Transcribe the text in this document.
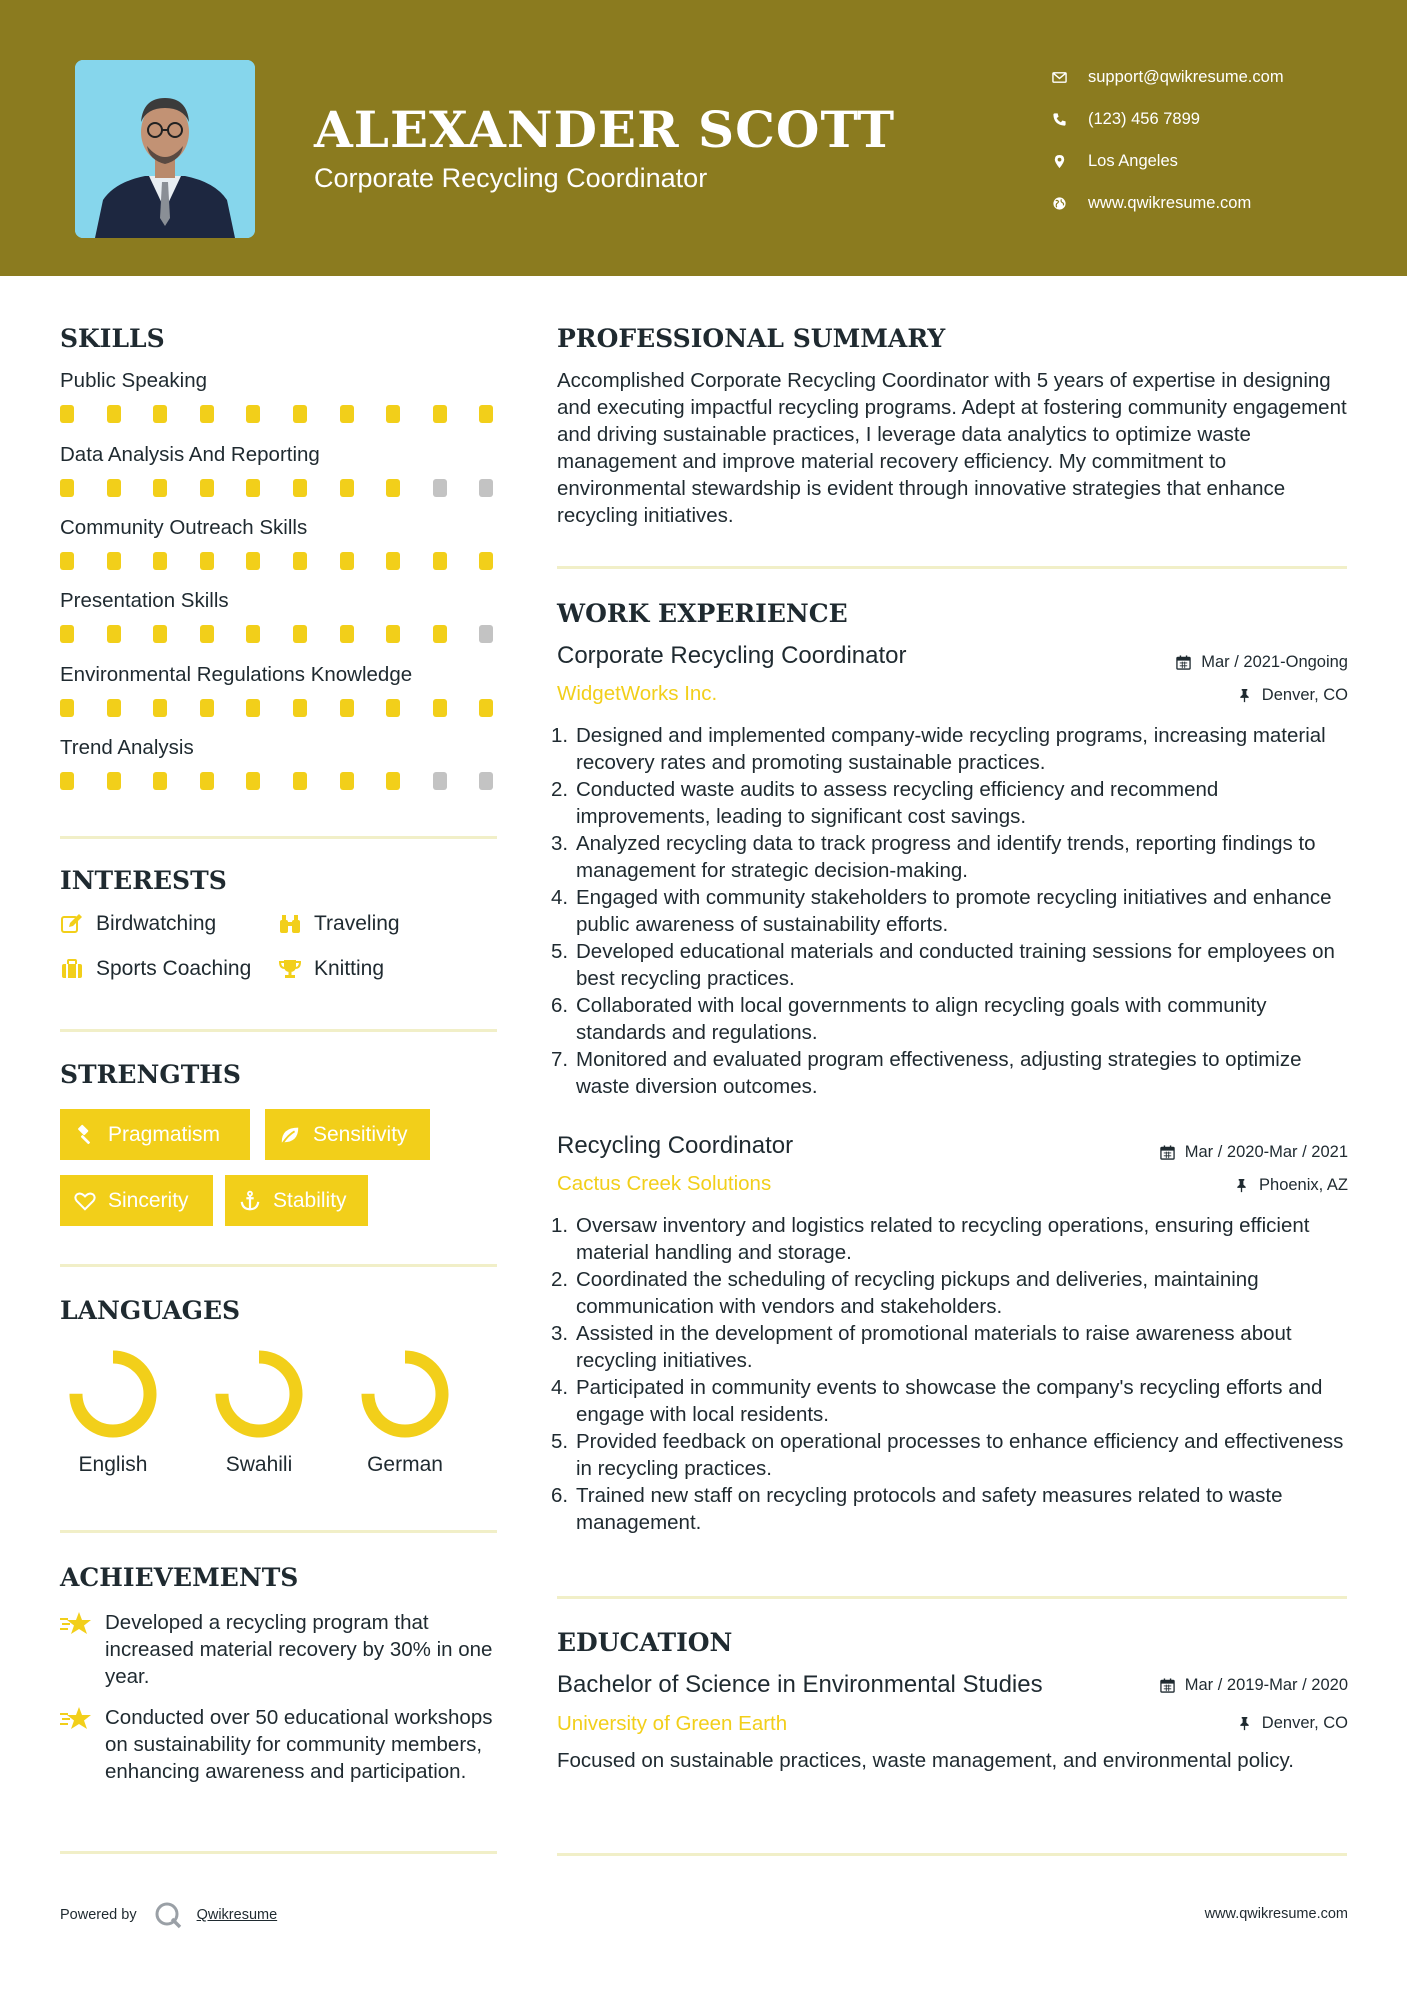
ALEXANDER SCOTT
Corporate Recycling Coordinator
support@qwikresume.com
(123) 456 7899
Los Angeles
www.qwikresume.com
SKILLS
Public Speaking
Data Analysis And Reporting
Community Outreach Skills
Presentation Skills
Environmental Regulations Knowledge
Trend Analysis
INTERESTS
Birdwatching	Traveling
Sports Coaching	Knitting
STRENGTHS
Pragmatism	Sensitivity
Sincerity	Stability
LANGUAGES
English	Swahili	German
ACHIEVEMENTS
Developed a recycling program that increased material recovery by 30% in one year.
Conducted over 50 educational workshops on sustainability for community members, enhancing awareness and participation.
PROFESSIONAL SUMMARY
Accomplished Corporate Recycling Coordinator with 5 years of expertise in designing and executing impactful recycling programs. Adept at fostering community engagement and driving sustainable practices, I leverage data analytics to optimize waste management and improve material recovery efficiency. My commitment to environmental stewardship is evident through innovative strategies that enhance recycling initiatives.
WORK EXPERIENCE
Corporate Recycling Coordinator	Mar / 2021-Ongoing
WidgetWorks Inc.	Denver, CO
1. Designed and implemented company-wide recycling programs, increasing material recovery rates and promoting sustainable practices.
2. Conducted waste audits to assess recycling efficiency and recommend improvements, leading to significant cost savings.
3. Analyzed recycling data to track progress and identify trends, reporting findings to management for strategic decision-making.
4. Engaged with community stakeholders to promote recycling initiatives and enhance public awareness of sustainability efforts.
5. Developed educational materials and conducted training sessions for employees on best recycling practices.
6. Collaborated with local governments to align recycling goals with community standards and regulations.
7. Monitored and evaluated program effectiveness, adjusting strategies to optimize waste diversion outcomes.
Recycling Coordinator	Mar / 2020-Mar / 2021
Cactus Creek Solutions	Phoenix, AZ
1. Oversaw inventory and logistics related to recycling operations, ensuring efficient material handling and storage.
2. Coordinated the scheduling of recycling pickups and deliveries, maintaining communication with vendors and stakeholders.
3. Assisted in the development of promotional materials to raise awareness about recycling initiatives.
4. Participated in community events to showcase the company's recycling efforts and engage with local residents.
5. Provided feedback on operational processes to enhance efficiency and effectiveness in recycling practices.
6. Trained new staff on recycling protocols and safety measures related to waste management.
EDUCATION
Bachelor of Science in Environmental Studies	Mar / 2019-Mar / 2020
University of Green Earth	Denver, CO
Focused on sustainable practices, waste management, and environmental policy.
Powered by	Qwikresume	www.qwikresume.com
